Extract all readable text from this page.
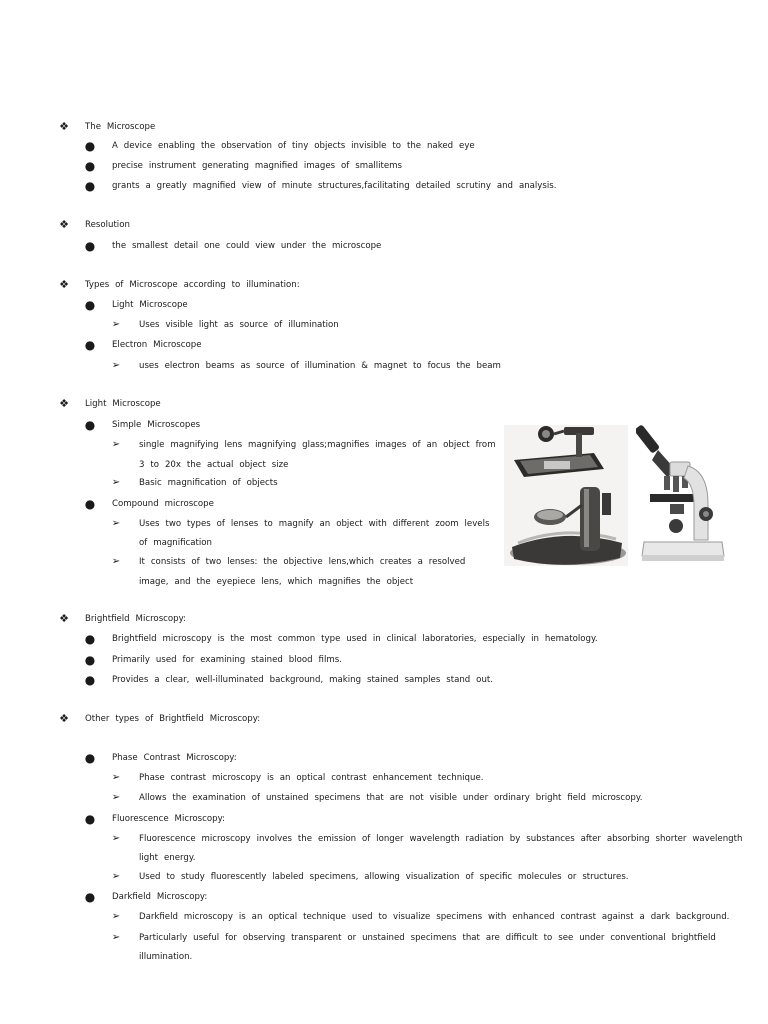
❖	The Microscope
●	A device enabling the observation of tiny objects invisible to the naked eye
●	precise instrument generating magnified images of smallitems
●	grants a greatly magnified view of minute structures,facilitating detailed scrutiny and analysis.
❖	Resolution
●	the smallest detail one could view under the microscope
❖	Types of Microscope according to illumination:
●	Light Microscope
➢	Uses visible light as source of illumination
●	Electron Microscope
➢	uses electron beams as source of illumination & magnet to focus the beam
❖	Light Microscope
●	Simple Microscopes
➢	single magnifying lens magnifying glass;magnifies images of an object from
3 to 20x the actual object size
➢	Basic magnification of objects
●	Compound microscope
➢	Uses two types of lenses to magnify an object with different zoom levels
of magnification
➢	It consists of two lenses: the objective lens,which creates a resolved
image, and the eyepiece lens, which magnifies the object
❖	Brightfield Microscopy:
●	Brightfield microscopy is the most common type used in clinical laboratories, especially in hematology.
●	Primarily used for examining stained blood films.
●	Provides a clear, well-illuminated background, making stained samples stand out.
❖	Other types of Brightfield Microscopy:
●	Phase Contrast Microscopy:
➢	Phase contrast microscopy is an optical contrast enhancement technique.
➢	Allows the examination of unstained specimens that are not visible under ordinary bright field microscopy.
●	Fluorescence Microscopy:
➢	Fluorescence microscopy involves the emission of longer wavelength radiation by substances after absorbing shorter wavelength
light energy.
➢	Used to study fluorescently labeled specimens, allowing visualization of specific molecules or structures.
●	Darkfield Microscopy:
➢	Darkfield microscopy is an optical technique used to visualize specimens with enhanced contrast against a dark background.
➢	Particularly useful for observing transparent or unstained specimens that are difficult to see under conventional brightfield
illumination.
